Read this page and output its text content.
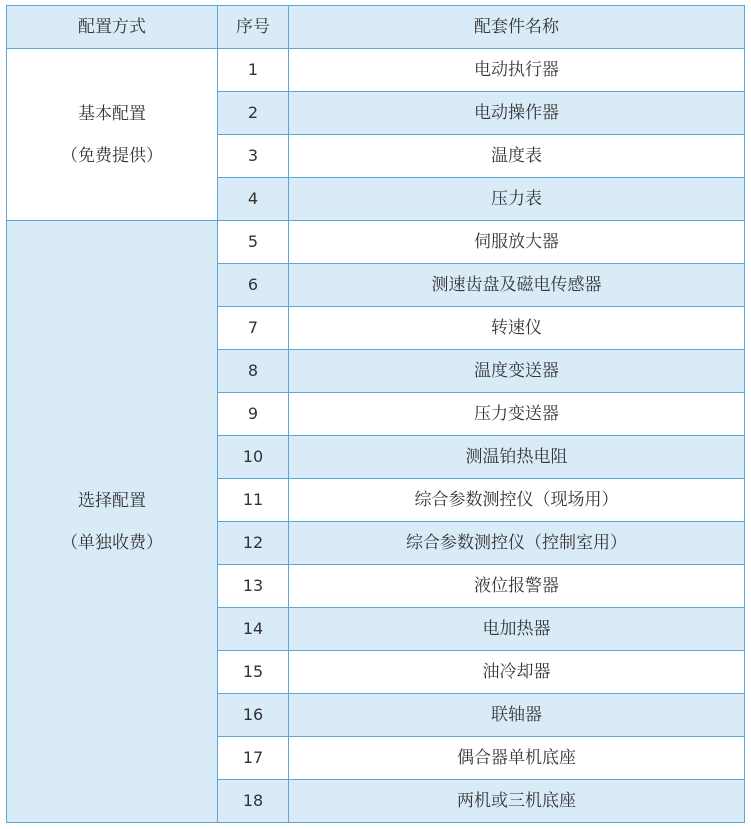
配置方式	序号	配套件名称

基本配置
（免费提供）	1	电动执行器
	2	电动操作器
	3	温度表
	4	压力表

选择配置
（单独收费）	5	伺服放大器
	6	测速齿盘及磁电传感器
	7	转速仪
	8	温度变送器
	9	压力变送器
	10	测温铂热电阻
	11	综合参数测控仪（现场用）
	12	综合参数测控仪（控制室用）
	13	液位报警器
	14	电加热器
	15	油冷却器
	16	联轴器
	17	偶合器单机底座
	18	两机或三机底座
